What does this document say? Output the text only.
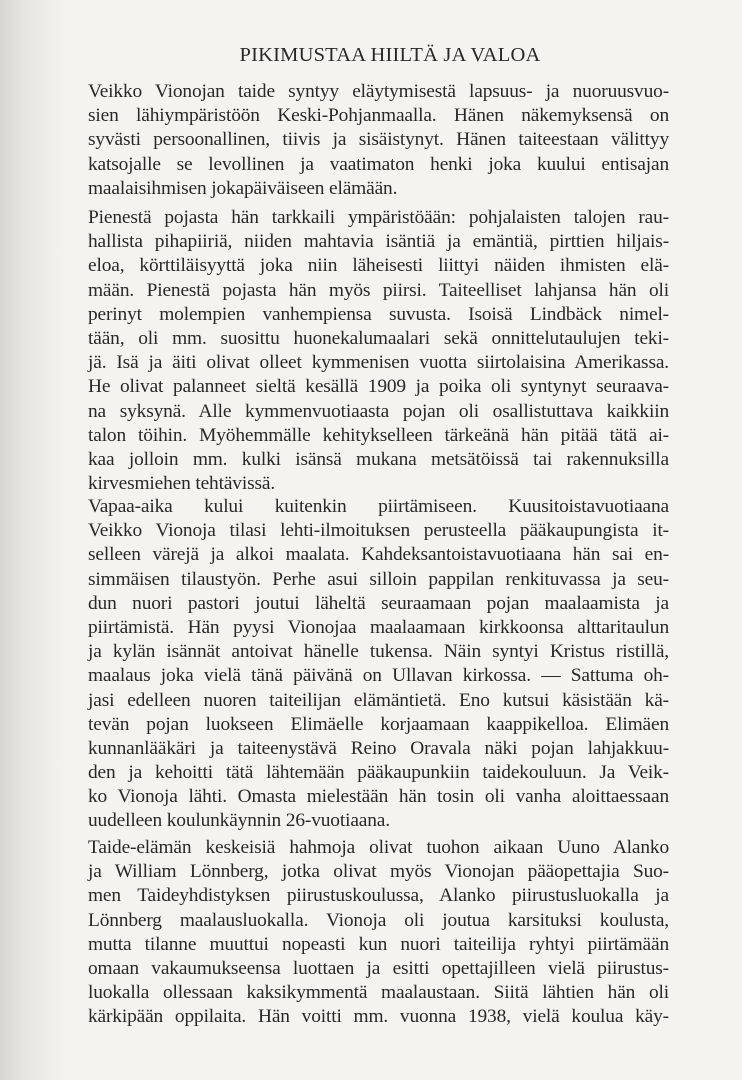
PIKIMUSTAA HIILTÄ JA VALOA
Veikko Vionojan taide syntyy eläytymisestä lapsuus- ja nuoruusvuo-
sien lähiympäristöön Keski-Pohjanmaalla. Hänen näkemyksensä on
syvästi persoonallinen, tiivis ja sisäistynyt. Hänen taiteestaan välittyy
katsojalle se levollinen ja vaatimaton henki joka kuului entisajan
maalaisihmisen jokapäiväiseen elämään.
Pienestä pojasta hän tarkkaili ympäristöään: pohjalaisten talojen rau-
hallista pihapiiriä, niiden mahtavia isäntiä ja emäntiä, pirttien hiljais-
eloa, körttiläisyyttä joka niin läheisesti liittyi näiden ihmisten elä-
mään. Pienestä pojasta hän myös piirsi. Taiteelliset lahjansa hän oli
perinyt molempien vanhempiensa suvusta. Isoisä Lindbäck nimel-
tään, oli mm. suosittu huonekalumaalari sekä onnittelutaulujen teki-
jä. Isä ja äiti olivat olleet kymmenisen vuotta siirtolaisina Amerikassa.
He olivat palanneet sieltä kesällä 1909 ja poika oli syntynyt seuraava-
na syksynä. Alle kymmenvuotiaasta pojan oli osallistuttava kaikkiin
talon töihin. Myöhemmälle kehitykselleen tärkeänä hän pitää tätä ai-
kaa jolloin mm. kulki isänsä mukana metsätöissä tai rakennuksilla
kirvesmiehen tehtävissä.
Vapaa-aika kului kuitenkin piirtämiseen. Kuusitoistavuotiaana
Veikko Vionoja tilasi lehti-ilmoituksen perusteella pääkaupungista it-
selleen värejä ja alkoi maalata. Kahdeksantoistavuotiaana hän sai en-
simmäisen tilaustyön. Perhe asui silloin pappilan renkituvassa ja seu-
dun nuori pastori joutui läheltä seuraamaan pojan maalaamista ja
piirtämistä. Hän pyysi Vionojaa maalaamaan kirkkoonsa alttaritaulun
ja kylän isännät antoivat hänelle tukensa. Näin syntyi Kristus ristillä,
maalaus joka vielä tänä päivänä on Ullavan kirkossa. — Sattuma oh-
jasi edelleen nuoren taiteilijan elämäntietä. Eno kutsui käsistään kä-
tevän pojan luokseen Elimäelle korjaamaan kaappikelloa. Elimäen
kunnanlääkäri ja taiteenystävä Reino Oravala näki pojan lahjakkuu-
den ja kehoitti tätä lähtemään pääkaupunkiin taidekouluun. Ja Veik-
ko Vionoja lähti. Omasta mielestään hän tosin oli vanha aloittaessaan
uudelleen koulunkäynnin 26-vuotiaana.
Taide-elämän keskeisiä hahmoja olivat tuohon aikaan Uuno Alanko
ja William Lönnberg, jotka olivat myös Vionojan pääopettajia Suo-
men Taideyhdistyksen piirustuskoulussa, Alanko piirustusluokalla ja
Lönnberg maalausluokalla. Vionoja oli joutua karsituksi koulusta,
mutta tilanne muuttui nopeasti kun nuori taiteilija ryhtyi piirtämään
omaan vakaumukseensa luottaen ja esitti opettajilleen vielä piirustus-
luokalla ollessaan kaksikymmentä maalaustaan. Siitä lähtien hän oli
kärkipään oppilaita. Hän voitti mm. vuonna 1938, vielä koulua käy-
